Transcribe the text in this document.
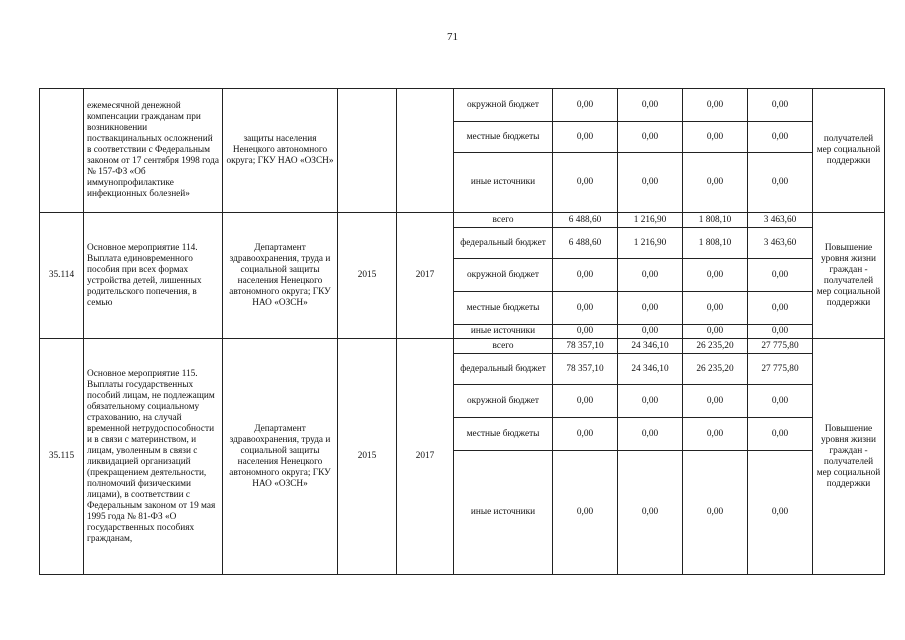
71
	ежемесячной денежной компенсации гражданам при возникновении поствакцинальных осложнений в соответствии с Федеральным законом от 17 сентября 1998 года № 157-ФЗ «Об иммунопрофилактике инфекционных болезней»	защиты населения Ненецкого автономного округа; ГКУ НАО «ОЗСН»			окружной бюджет	0,00	0,00	0,00	0,00	получателей мер социальной поддержки
					местные бюджеты	0,00	0,00	0,00	0,00	
					иные источники	0,00	0,00	0,00	0,00	
35.114	Основное мероприятие 114. Выплата единовременного пособия при всех формах устройства детей, лишенных родительского попечения, в семью	Департамент здравоохранения, труда и социальной защиты населения Ненецкого автономного округа; ГКУ НАО «ОЗСН»	2015	2017	всего	6 488,60	1 216,90	1 808,10	3 463,60	Повышение уровня жизни граждан - получателей мер социальной поддержки
					федеральный бюджет	6 488,60	1 216,90	1 808,10	3 463,60	
					окружной бюджет	0,00	0,00	0,00	0,00	
					местные бюджеты	0,00	0,00	0,00	0,00	
					иные источники	0,00	0,00	0,00	0,00	
35.115	Основное мероприятие 115. Выплаты государственных пособий лицам, не подлежащим обязательному социальному страхованию, на случай временной нетрудоспособности и в связи с материнством, и лицам, уволенным в связи с ликвидацией организаций (прекращением деятельности, полномочий физическими лицами), в соответствии с Федеральным законом от 19 мая 1995 года № 81-ФЗ «О государственных пособиях гражданам,	Департамент здравоохранения, труда и социальной защиты населения Ненецкого автономного округа; ГКУ НАО «ОЗСН»	2015	2017	всего	78 357,10	24 346,10	26 235,20	27 775,80	Повышение уровня жизни граждан - получателей мер социальной поддержки
					федеральный бюджет	78 357,10	24 346,10	26 235,20	27 775,80	
					окружной бюджет	0,00	0,00	0,00	0,00	
					местные бюджеты	0,00	0,00	0,00	0,00	
					иные источники	0,00	0,00	0,00	0,00	
